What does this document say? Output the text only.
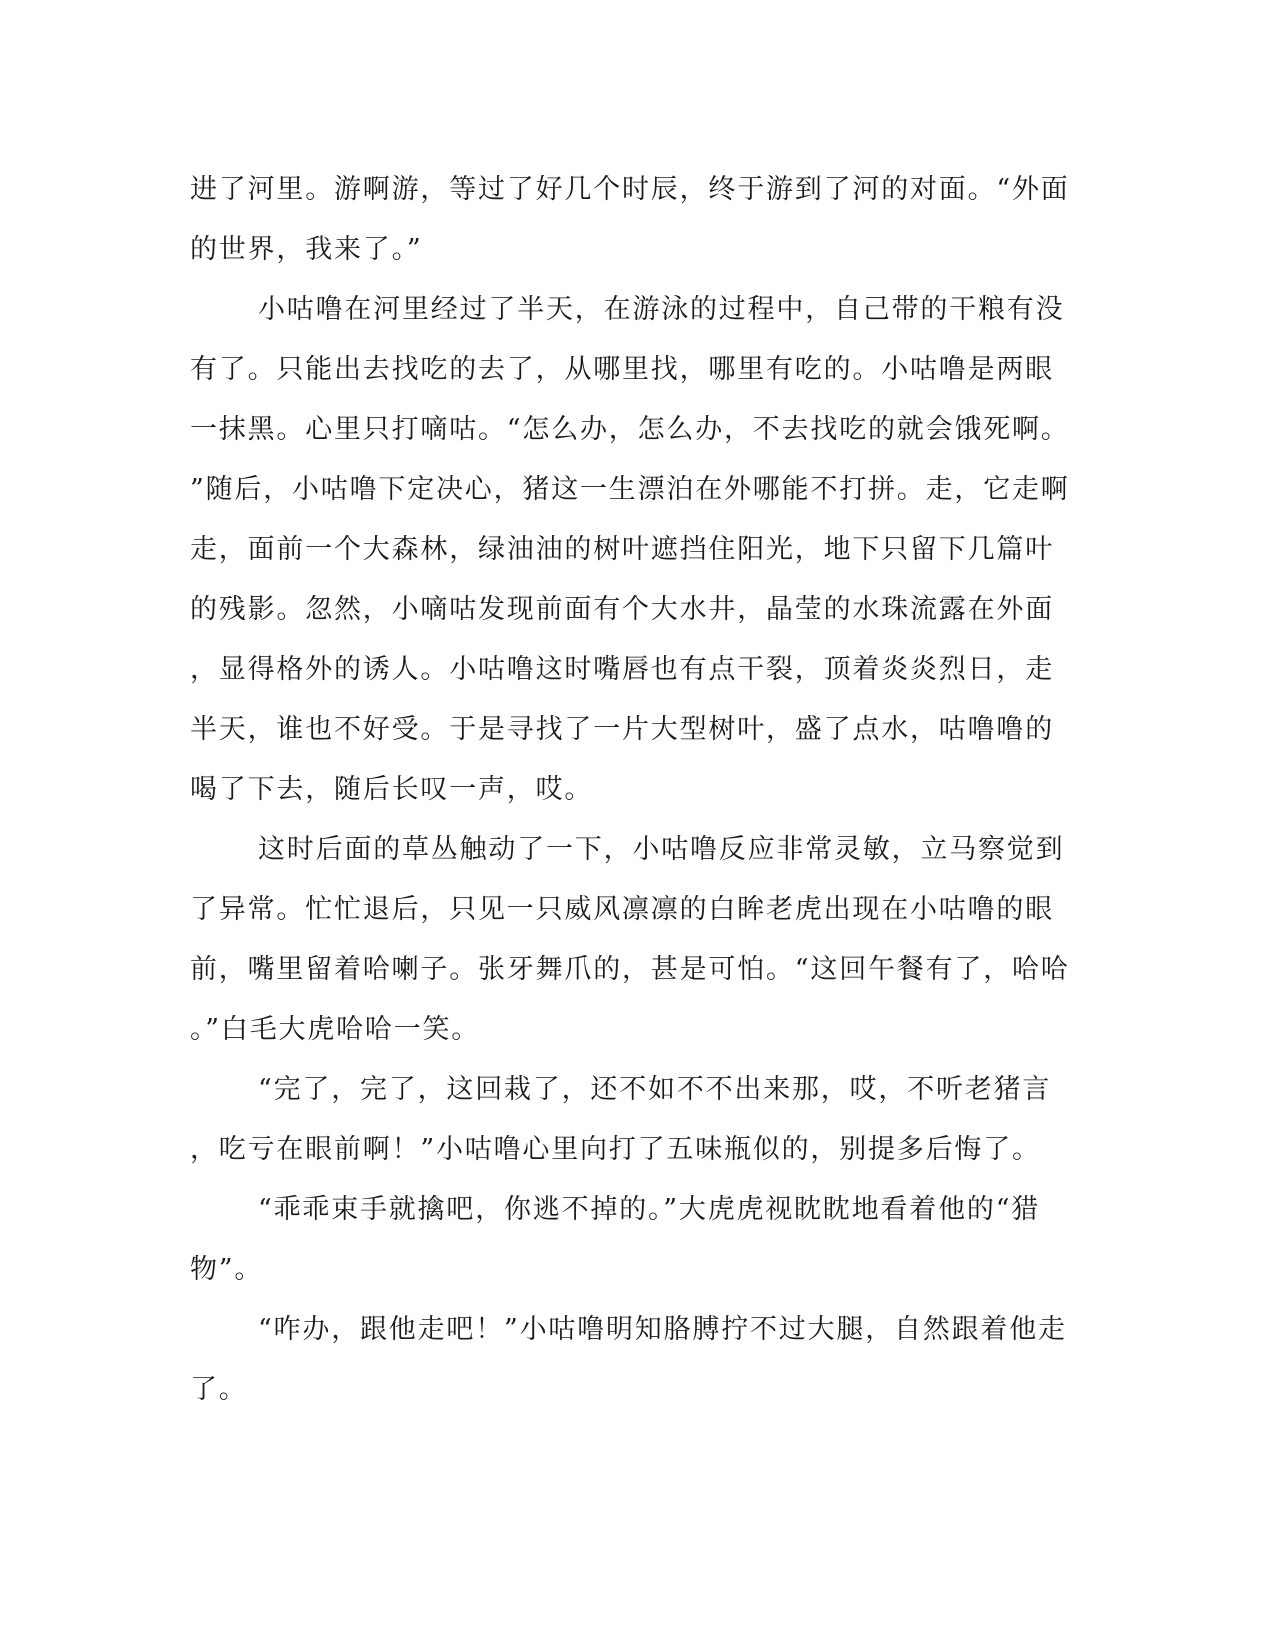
进了河里。游啊游，等过了好几个时辰，终于游到了河的对面。“外面
的世界，我来了。”
小咕噜在河里经过了半天，在游泳的过程中，自己带的干粮有没
有了。只能出去找吃的去了，从哪里找，哪里有吃的。小咕噜是两眼
一抹黑。心里只打嘀咕。“怎么办，怎么办，不去找吃的就会饿死啊。
”随后，小咕噜下定决心，猪这一生漂泊在外哪能不打拼。走，它走啊
走，面前一个大森林，绿油油的树叶遮挡住阳光，地下只留下几篇叶
的残影。忽然，小嘀咕发现前面有个大水井，晶莹的水珠流露在外面
，显得格外的诱人。小咕噜这时嘴唇也有点干裂，顶着炎炎烈日，走
半天，谁也不好受。于是寻找了一片大型树叶，盛了点水，咕噜噜的
喝了下去，随后长叹一声，哎。
这时后面的草丛触动了一下，小咕噜反应非常灵敏，立马察觉到
了异常。忙忙退后，只见一只威风凛凛的白眸老虎出现在小咕噜的眼
前，嘴里留着哈喇子。张牙舞爪的，甚是可怕。“这回午餐有了，哈哈
。”白毛大虎哈哈一笑。
“完了，完了，这回栽了，还不如不不出来那，哎，不听老猪言
，吃亏在眼前啊！”小咕噜心里向打了五味瓶似的，别提多后悔了。
“乖乖束手就擒吧，你逃不掉的。”大虎虎视眈眈地看着他的“猎
物”。
“咋办，跟他走吧！”小咕噜明知胳膊拧不过大腿，自然跟着他走
了。
